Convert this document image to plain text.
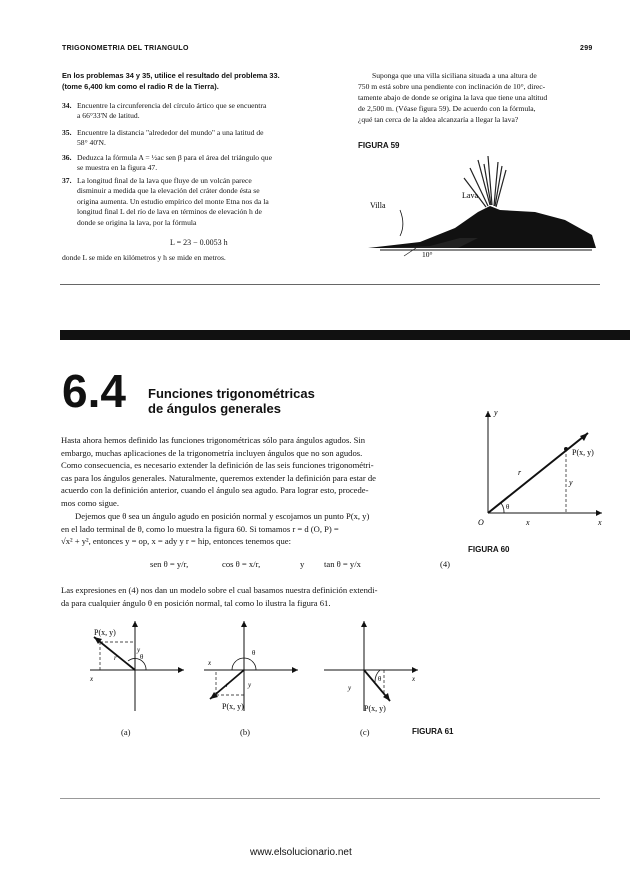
TRIGONOMETRIA DEL TRIANGULO	299
En los problemas 34 y 35, utilice el resultado del problema 33.
(tome 6,400 km como el radio R de la Tierra).
34. Encuentre la circunferencia del círculo ártico que se encuentra
a 66°33'N de latitud.
35. Encuentre la distancia "alrededor del mundo" a una latitud de
58° 40'N.
36. Deduzca la fórmula A = ½ac sen β para el área del triángulo que
se muestra en la figura 47.
37. La longitud final de la lava que fluye de un volcán parece
disminuir a medida que la elevación del cráter donde ésta se
origina aumenta. Un estudio empírico del monte Etna nos da la
longitud final L del río de lava en términos de elevación h de
donde se origina la lava, por la fórmula
L = 23 − 0.0053 h
donde L se mide en kilómetros y h se mide en metros.
Suponga que una villa siciliana situada a una altura de
750 m está sobre una pendiente con inclinación de 10°, direc-
tamente abajo de donde se origina la lava que tiene una altitud
de 2,500 m. (Véase figura 59). De acuerdo con la fórmula,
¿qué tan cerca de la aldea alcanzaría a llegar la lava?
FIGURA 59
Villa
Lava
10°
6.4 Funciones trigonométricas
de ángulos generales
Hasta ahora hemos definido las funciones trigonométricas sólo para ángulos agudos. Sin
embargo, muchas aplicaciones de la trigonometría incluyen ángulos que no son agudos.
Como consecuencia, es necesario extender la definición de las seis funciones trigonométri-
cas para los ángulos generales. Naturalmente, queremos extender la definición para estar de
acuerdo con la definición anterior, cuando el ángulo sea agudo. Para lograr esto, procede-
mos como sigue.
Dejemos que θ sea un ángulo agudo en posición normal y escojamos un punto P(x, y)
en el lado terminal de θ, como lo muestra la figura 60. Si tomamos r = d (O, P) =
√x² + y², entonces y = op, x = ady y r = hip, entonces tenemos que:
sen θ = y/r,	cos θ = x/r,	y tan θ = y/x	(4)
Las expresiones en (4) nos dan un modelo sobre el cual basamos nuestra definición extendi-
da para cualquier ángulo θ en posición normal, tal como lo ilustra la figura 61.
P(x, y)
r
θ
x
y
O	x
y
FIGURA 60
P(x, y)
θ
r
x
y
P(x, y)
θ
r
x
y
P(x, y)
θ
y
x
(a)	(b)	(c)	FIGURA 61
www.elsolucionario.net
